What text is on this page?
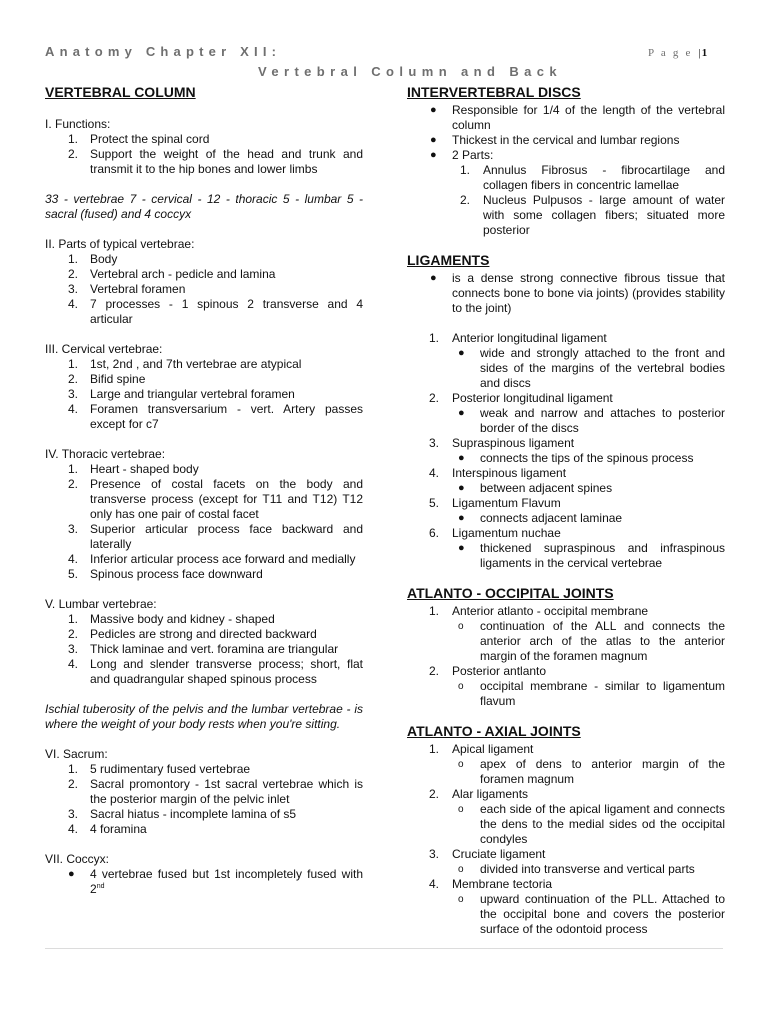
Anatomy Chapter XII:
Vertebral Column and Back
P a g e |1
VERTEBRAL COLUMN
I. Functions:
1. Protect the spinal cord
2. Support the weight of the head and trunk and transmit it to the hip bones and lower limbs
33 - vertebrae 7 - cervical - 12 - thoracic 5 - lumbar 5 - sacral (fused) and 4 coccyx
II. Parts of typical vertebrae:
1. Body
2. Vertebral arch - pedicle and lamina
3. Vertebral foramen
4. 7 processes - 1 spinous 2 transverse and 4 articular
III. Cervical vertebrae:
1. 1st, 2nd , and 7th vertebrae are atypical
2. Bifid spine
3. Large and triangular vertebral foramen
4. Foramen transversarium - vert. Artery passes except for c7
IV. Thoracic vertebrae:
1. Heart - shaped body
2. Presence of costal facets on the body and transverse process (except for T11 and T12) T12 only has one pair of costal facet
3. Superior articular process face backward and laterally
4. Inferior articular process ace forward and medially
5. Spinous process face downward
V. Lumbar vertebrae:
1. Massive body and kidney - shaped
2. Pedicles are strong and directed backward
3. Thick laminae and vert. foramina are triangular
4. Long and slender transverse process; short, flat and quadrangular shaped spinous process
Ischial tuberosity of the pelvis and the lumbar vertebrae - is where the weight of your body rests when you're sitting.
VI. Sacrum:
1. 5 rudimentary fused vertebrae
2. Sacral promontory - 1st sacral vertebrae which is the posterior margin of the pelvic inlet
3. Sacral hiatus - incomplete lamina of s5
4. 4 foramina
VII. Coccyx:
● 4 vertebrae fused but 1st incompletely fused with 2nd
INTERVERTEBRAL DISCS
● Responsible for 1/4 of the length of the vertebral column
● Thickest in the cervical and lumbar regions
● 2 Parts:
1. Annulus Fibrosus - fibrocartilage and collagen fibers in concentric lamellae
2. Nucleus Pulpusos - large amount of water with some collagen fibers; situated more posterior
LIGAMENTS
● is a dense strong connective fibrous tissue that connects bone to bone via joints) (provides stability to the joint)
1. Anterior longitudinal ligament
● wide and strongly attached to the front and sides of the margins of the vertebral bodies and discs
2. Posterior longitudinal ligament
● weak and narrow and attaches to posterior border of the discs
3. Supraspinous ligament
● connects the tips of the spinous process
4. Interspinous ligament
● between adjacent spines
5. Ligamentum Flavum
● connects adjacent laminae
6. Ligamentum nuchae
● thickened supraspinous and infraspinous ligaments in the cervical vertebrae
ATLANTO - OCCIPITAL JOINTS
1. Anterior atlanto - occipital membrane
o continuation of the ALL and connects the anterior arch of the atlas to the anterior margin of the foramen magnum
2. Posterior antlanto
o occipital membrane - similar to ligamentum flavum
ATLANTO - AXIAL JOINTS
1. Apical ligament
o apex of dens to anterior margin of the foramen magnum
2. Alar ligaments
o each side of the apical ligament and connects the dens to the medial sides od the occipital condyles
3. Cruciate ligament
o divided into transverse and vertical parts
4. Membrane tectoria
o upward continuation of the PLL. Attached to the occipital bone and covers the posterior surface of the odontoid process
